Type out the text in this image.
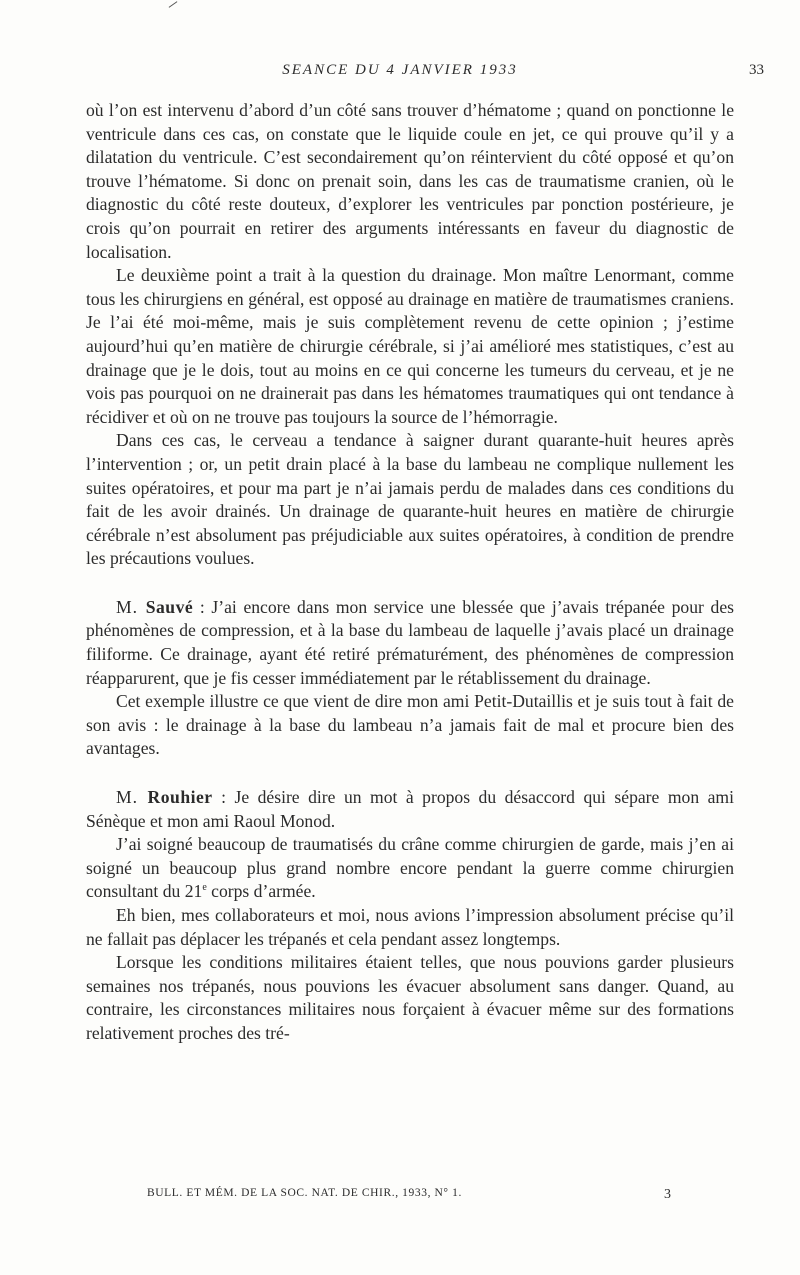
SEANCE DU 4 JANVIER 1933	33

où l’on est intervenu d’abord d’un côté sans trouver d’hématome ; quand on ponctionne le ventricule dans ces cas, on constate que le liquide coule en jet, ce qui prouve qu’il y a dilatation du ventricule. C’est secondairement qu’on réintervient du côté opposé et qu’on trouve l’hématome. Si donc on prenait soin, dans les cas de traumatisme cranien, où le diagnostic du côté reste douteux, d’explorer les ventricules par ponction postérieure, je crois qu’on pourrait en retirer des arguments intéressants en faveur du diagnostic de localisation.

Le deuxième point a trait à la question du drainage. Mon maître Lenormant, comme tous les chirurgiens en général, est opposé au drainage en matière de traumatismes craniens. Je l’ai été moi-même, mais je suis complètement revenu de cette opinion ; j’estime aujourd’hui qu’en matière de chirurgie cérébrale, si j’ai amélioré mes statistiques, c’est au drainage que je le dois, tout au moins en ce qui concerne les tumeurs du cerveau, et je ne vois pas pourquoi on ne drainerait pas dans les hématomes traumatiques qui ont tendance à récidiver et où on ne trouve pas toujours la source de l’hémorragie.

Dans ces cas, le cerveau a tendance à saigner durant quarante-huit heures après l’intervention ; or, un petit drain placé à la base du lambeau ne complique nullement les suites opératoires, et pour ma part je n’ai jamais perdu de malades dans ces conditions du fait de les avoir drainés. Un drainage de quarante-huit heures en matière de chirurgie cérébrale n’est absolument pas préjudiciable aux suites opératoires, à condition de prendre les précautions voulues.

M. Sauvé : J’ai encore dans mon service une blessée que j’avais trépanée pour des phénomènes de compression, et à la base du lambeau de laquelle j’avais placé un drainage filiforme. Ce drainage, ayant été retiré prématurément, des phénomènes de compression réapparurent, que je fis cesser immédiatement par le rétablissement du drainage.

Cet exemple illustre ce que vient de dire mon ami Petit-Dutaillis et je suis tout à fait de son avis : le drainage à la base du lambeau n’a jamais fait de mal et procure bien des avantages.

M. Rouhier : Je désire dire un mot à propos du désaccord qui sépare mon ami Sénèque et mon ami Raoul Monod.

J’ai soigné beaucoup de traumatisés du crâne comme chirurgien de garde, mais j’en ai soigné un beaucoup plus grand nombre encore pendant la guerre comme chirurgien consultant du 21e corps d’armée.

Eh bien, mes collaborateurs et moi, nous avions l’impression absolument précise qu’il ne fallait pas déplacer les trépanés et cela pendant assez longtemps.

Lorsque les conditions militaires étaient telles, que nous pouvions garder plusieurs semaines nos trépanés, nous pouvions les évacuer absolument sans danger. Quand, au contraire, les circonstances militaires nous forçaient à évacuer même sur des formations relativement proches des tré-

BULL. ET MÉM. DE LA SOC. NAT. DE CHIR., 1933, N° 1.	3
